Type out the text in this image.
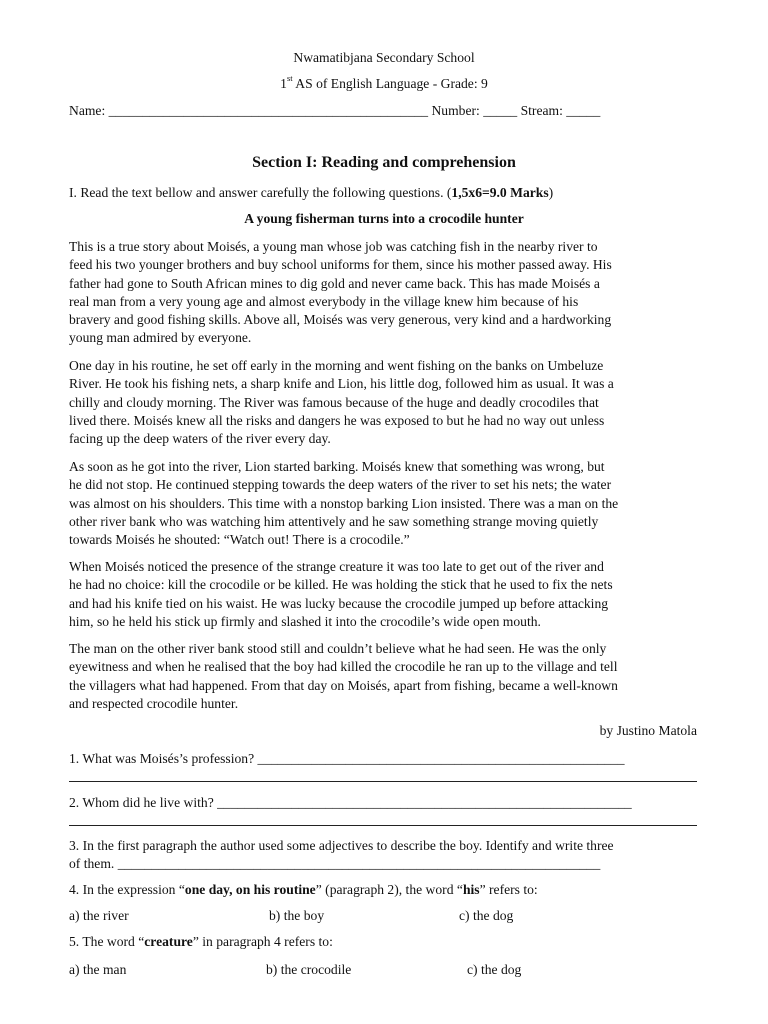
Nwamatibjana Secondary School
1st AS of English Language - Grade: 9
Name: _______________________________________________ Number: _____ Stream: _____
Section I: Reading and comprehension
I. Read the text bellow and answer carefully the following questions. (1,5x6=9.0 Marks)
A young fisherman turns into a crocodile hunter
This is a true story about Moisés, a young man whose job was catching fish in the nearby river to
feed his two younger brothers and buy school uniforms for them, since his mother passed away. His
father had gone to South African mines to dig gold and never came back. This has made Moisés a
real man from a very young age and almost everybody in the village knew him because of his
bravery and good fishing skills. Above all, Moisés was very generous, very kind and a hardworking
young man admired by everyone.
One day in his routine, he set off early in the morning and went fishing on the banks on Umbeluze
River. He took his fishing nets, a sharp knife and Lion, his little dog, followed him as usual. It was a
chilly and cloudy morning. The River was famous because of the huge and deadly crocodiles that
lived there. Moisés knew all the risks and dangers he was exposed to but he had no way out unless
facing up the deep waters of the river every day.
As soon as he got into the river, Lion started barking. Moisés knew that something was wrong, but
he did not stop. He continued stepping towards the deep waters of the river to set his nets; the water
was almost on his shoulders. This time with a nonstop barking Lion insisted. There was a man on the
other river bank who was watching him attentively and he saw something strange moving quietly
towards Moisés he shouted: “Watch out! There is a crocodile.”
When Moisés noticed the presence of the strange creature it was too late to get out of the river and
he had no choice: kill the crocodile or be killed. He was holding the stick that he used to fix the nets
and had his knife tied on his waist. He was lucky because the crocodile jumped up before attacking
him, so he held his stick up firmly and slashed it into the crocodile’s wide open mouth.
The man on the other river bank stood still and couldn’t believe what he had seen. He was the only
eyewitness and when he realised that the boy had killed the crocodile he ran up to the village and tell
the villagers what had happened. From that day on Moisés, apart from fishing, became a well-known
and respected crocodile hunter.
by Justino Matola
1. What was Moisés’s profession? ______________________________________________________
2. Whom did he live with? _____________________________________________________________
3. In the first paragraph the author used some adjectives to describe the boy. Identify and write three
of them. _______________________________________________________________________
4. In the expression “one day, on his routine” (paragraph 2), the word “his” refers to:
a) the river	b) the boy	c) the dog
5. The word “creature” in paragraph 4 refers to:
a) the man	b) the crocodile	c) the dog
